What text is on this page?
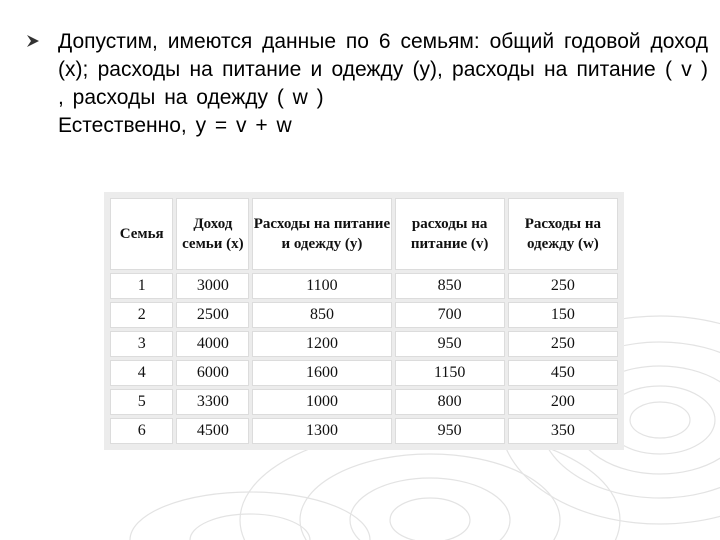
Допустим, имеются данные по 6 семьям: общий годовой доход (x); расходы на питание и одежду (y), расходы на питание ( v ) , расходы на одежду ( w )
Естественно, y = v + w
Семья	Доход семьи (x)	Расходы на питание и одежду (y)	расходы на питание (v)	Расходы на одежду (w)
1	3000	1100	850	250
2	2500	850	700	150
3	4000	1200	950	250
4	6000	1600	1150	450
5	3300	1000	800	200
6	4500	1300	950	350
